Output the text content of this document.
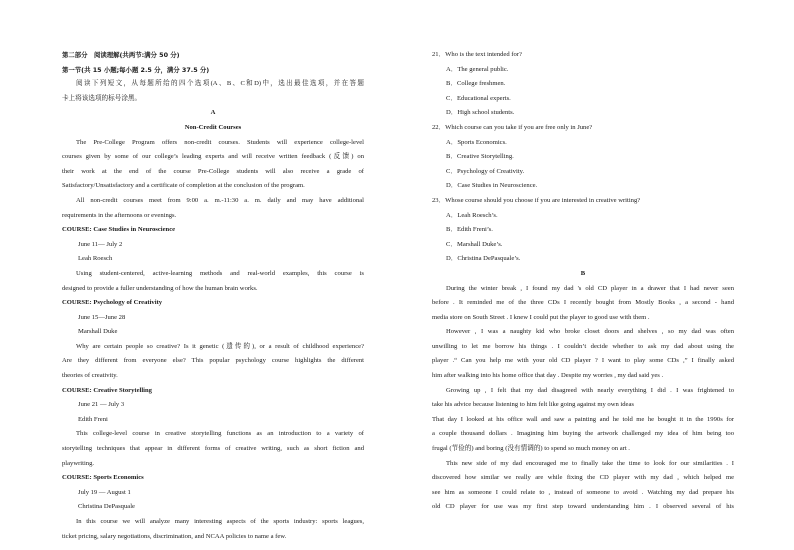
第二部分　阅读理解(共两节:满分 50 分)
第一节(共 15 小题;每小题 2.5 分，满分 37.5 分)
阅读下列短文，从每题所给的四个选项(A、B、C和D)中，选出最佳选项，并在答题
卡上将该选项的标号涂黑。
A
Non-Credit Courses
The Pre-College Program offers non-credit courses. Students will experience college-level
courses given by some of our college’s leading experts and will receive written feedback (反馈) on
their work at the end of the course Pre-College students will also receive a grade of
Satisfactory/Unsatisfactory and a certificate of completion at the conclusion of the program.
All non-credit courses meet from 9:00 a. m.-11:30 a. m. daily and may have additional
requirements in the afternoons or evenings.
COURSE: Case Studies in Neuroscience
June 11— July 2
Leah Roesch
Using student-centered, active-learning methods and real-world examples, this course is
designed to provide a fuller understanding of how the human brain works.
COURSE: Psychology of Creativity
June 15—June 28
Marshall Duke
Why are certain people so creative? Is it genetic (遗传的), or a result of childhood experience?
Are they different from everyone else? This popular psychology course highlights the different
theories of creativity.
COURSE: Creative Storytelling
June 21 — July 3
Edith Freni
This college-level course in creative storytelling functions as an introduction to a variety of
storytelling techniques that appear in different forms of creative writing, such as short fiction and
playwriting.
COURSE: Sports Economics
July 19 — August 1
Christina DePasquale
In this course we will analyze many interesting aspects of the sports industry: sports leagues,
ticket pricing, salary negotiations, discrimination, and NCAA policies to name a few.
21．Who is the text intended for?
A．The general public.
B．College freshmen.
C．Educational experts.
D．High school students.
22．Which course can you take if you are free only in June?
A．Sports Economics.
B．Creative Storytelling.
C．Psychology of Creativity.
D．Case Studies in Neuroscience.
23．Whose course should you choose if you are interested in creative writing?
A．Leah Roesch’s.
B．Edith Freni’s.
C．Marshall Duke’s.
D．Christina DePasquale’s.
B
During the winter break , I found my dad 's old CD player in a drawer that I had never seen
before . It reminded me of the three CDs I recently bought from Mostly Books , a second - hand
media store on South Street . I knew I could put the player to good use with them .
However , I was a naughty kid who broke closet doors and shelves , so my dad was often
unwilling to let me borrow his things . I couldn’t decide whether to ask my dad about using the
player .“ Can you help me with your old CD player ? I want to play some CDs ,” I finally asked
him after walking into his home office that day . Despite my worries , my dad said yes .
Growing up , I felt that my dad disagreed with nearly everything I did . I was frightened to
take his advice because listening to him felt like going against my own ideas
That day I looked at his office wall and saw a painting and he told me he bought it in the 1990s for
a couple thousand dollars . Imagining him buying the artwork challenged my idea of him being too
frugal (节俭的) and boring (没有情调的) to spend so much money on art .
This new side of my dad encouraged me to finally take the time to look for our similarities . I
discovered how similar we really are while fixing the CD player with my dad , which helped me
see him as someone I could relate to , instead of someone to avoid . Watching my dad prepare his
old CD player for use was my first step toward understanding him . I observed several of his
